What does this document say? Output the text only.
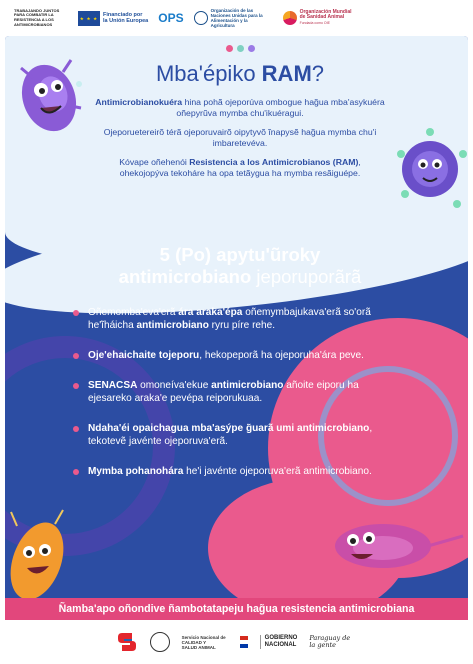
TRABAJANDO JUNTOS PARA COMBATIR LA RESISTENCIA A LOS ANTIMICROBIANOS
★ ★ ★
Financiado por
la Unión Europea OPS
Organización de las Naciones Unidas para la Alimentación y la Agricultura
Organización Mundial
de Sanidad Animal
Fundada como OIE
Mba'épiko RAM?

Antimicrobianokuéra hina pohã ojeporúva ombogue hag̃ua mba'asykuéra oñepyrũva mymba chu'ikuéragui.

Ojeporuetereirõ térã ojeporuvairõ oipytyvõ ĩnapysẽ hag̃ua mymba chu'i imbaretevéva.

Kóvape oñehenói Resistencia a los Antimicrobianos (RAM), ohekojopýva tekoháre ha opa tetãygua ha mymba resãiguépe.

5 (Po) apytu'ũroky
antimicrobiano jeporuporãrã
Oñemomba'eva'erã ára araka'épa oñemymbajukava'erã so'orã he'ĩháicha antimicrobiano ryru píre rehe.
Oje'ehaichaite tojeporu, hekopeporã ha ojeporuha'ára peve.
SENACSA omoneíva'ekue antimicrobiano añoite eiporu ha ejesareko araka'e pevépa reiporukuaa.
Ndaha'éi opaichagua mba'asýpe g̃uarã umi antimicrobiano, tekotevẽ javénte ojeporuva'erã.
Mymba pohanohára he'i javénte ojeporuva'erã antimicrobiano.
Ñamba'apo oñondive ñambotatapeju hag̃ua resistencia antimicrobiana
Servicio Nacional de
CALIDAD Y
SALUD ANIMAL
GOBIERNO
NACIONAL
Paraguay de la gente
